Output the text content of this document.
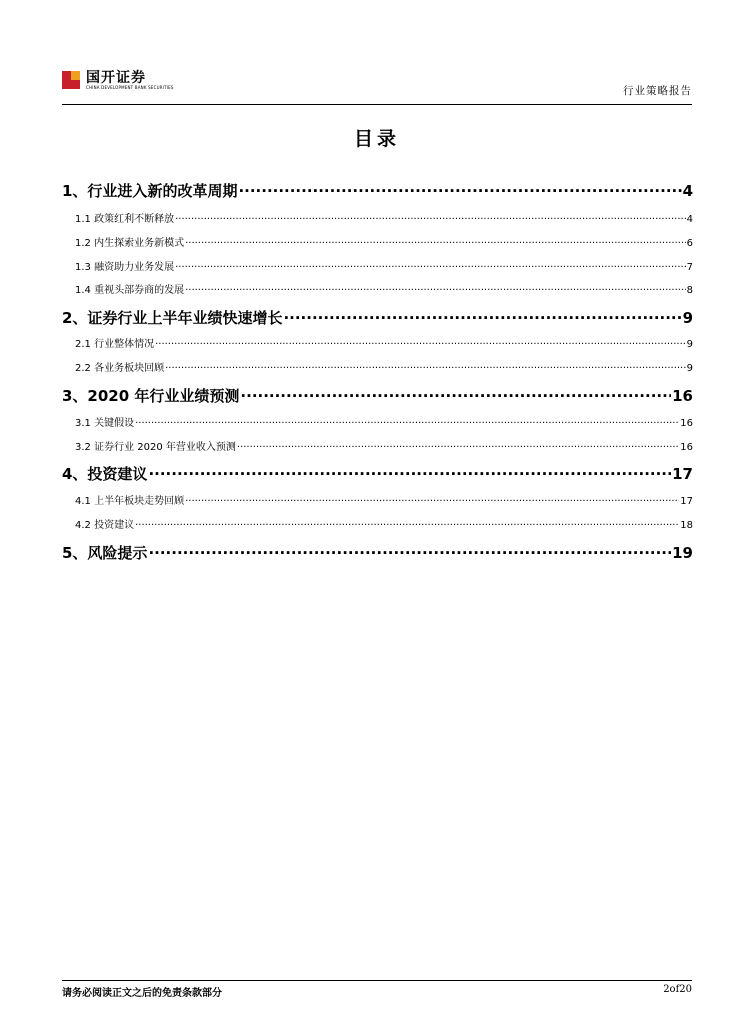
国开证券
CHINA DEVELOPMENT BANK SECURITIES	行业策略报告
目录
1、行业进入新的改革周期 .....	4
1.1 政策红利不断释放 .....	4
1.2 内生探索业务新模式 .....	6
1.3 融资助力业务发展 .....	7
1.4 重视头部券商的发展 .....	8
2、证券行业上半年业绩快速增长 .....	9
2.1 行业整体情况 .....	9
2.2 各业务板块回顾 .....	9
3、2020 年行业业绩预测 .....	16
3.1 关键假设 .....	16
3.2 证券行业 2020 年营业收入预测 .....	16
4、投资建议 .....	17
4.1 上半年板块走势回顾 .....	17
4.2 投资建议 .....	18
5、风险提示 .....	19
请务必阅读正文之后的免责条款部分	2of20
